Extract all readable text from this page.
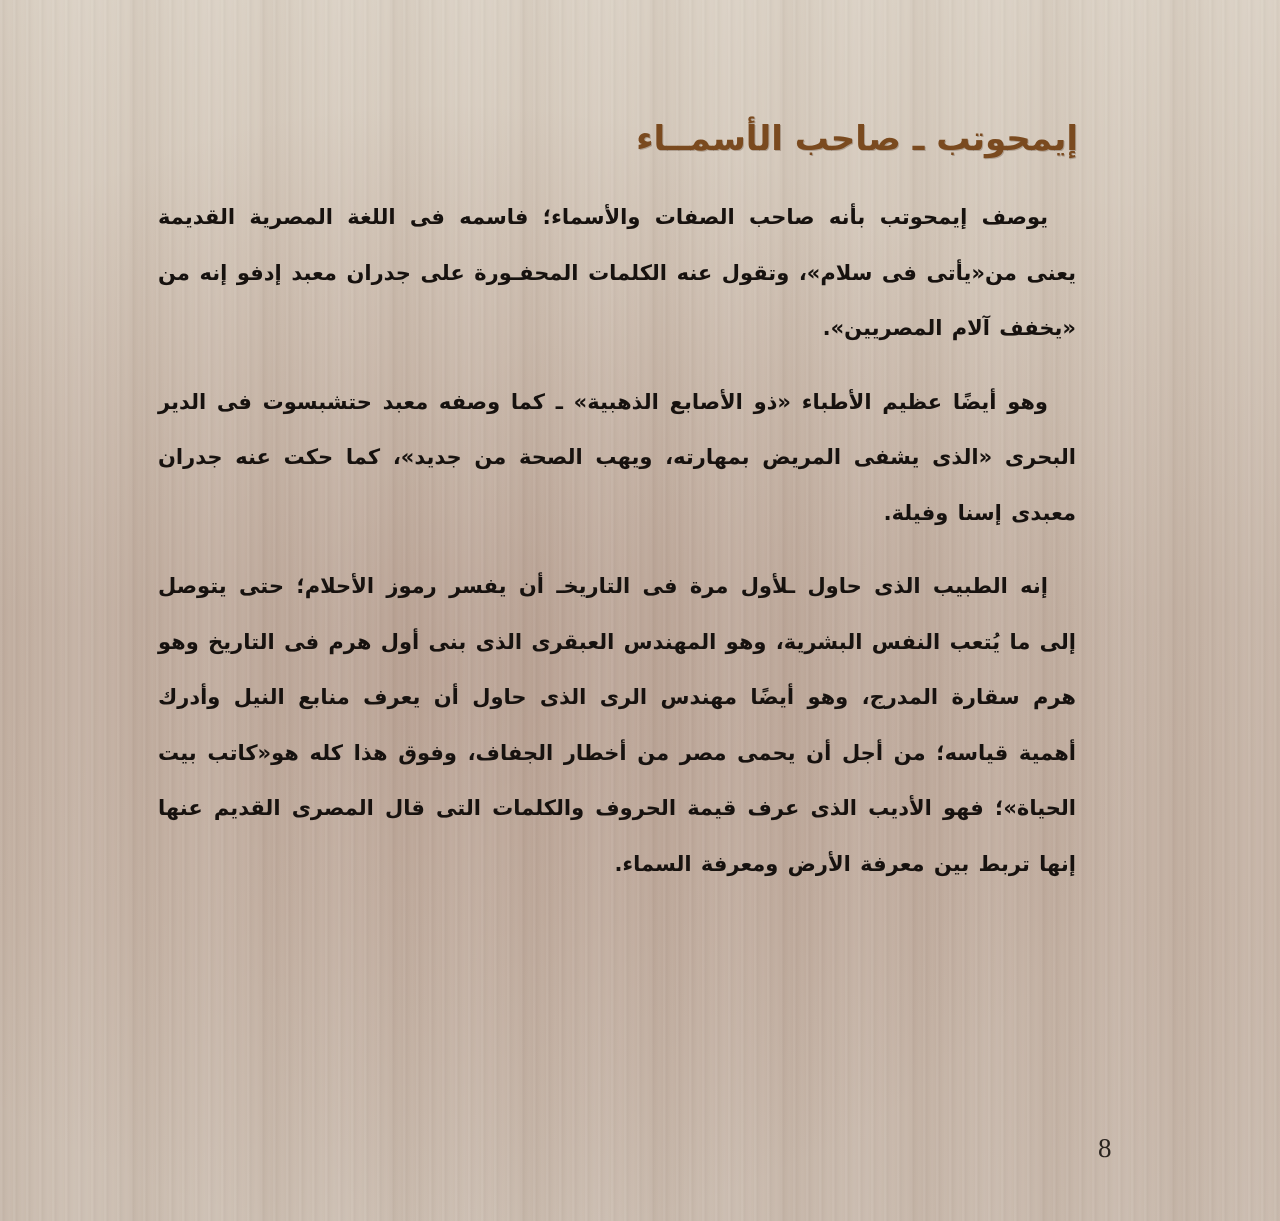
إيمحوتب ـ صاحب الأسمــاء

يوصف إيمحوتب بأنه صاحب الصفات والأسماء؛ فاسمه فى اللغة المصرية القديمة يعنى من«يأتى فى سلام»، وتقول عنه الكلمات المحفـورة على جدران معبد إدفو إنه من «يخفف آلام المصريين».

وهو أيضًا عظيم الأطباء «ذو الأصابع الذهبية» ـ كما وصفه معبد حتشبسوت فى الدير البحرى «الذى يشفى المريض بمهارته، ويهب الصحة من جديد»، كما حكت عنه جدران معبدى إسنا وفيلة.

إنه الطبيب الذى حاول ـلأول مرة فى التاريخـ أن يفسر رموز الأحلام؛ حتى يتوصل إلى ما يُتعب النفس البشرية، وهو المهندس العبقرى الذى بنى أول هرم فى التاريخ وهو هرم سقارة المدرج، وهو أيضًا مهندس الرى الذى حاول أن يعرف منابع النيل وأدرك أهمية قياسه؛ من أجل أن يحمى مصر من أخطار الجفاف، وفوق هذا كله هو«كاتب بيت الحياة»؛ فهو الأديب الذى عرف قيمة الحروف والكلمات التى قال المصرى القديم عنها إنها تربط بين معرفة الأرض ومعرفة السماء.

8
